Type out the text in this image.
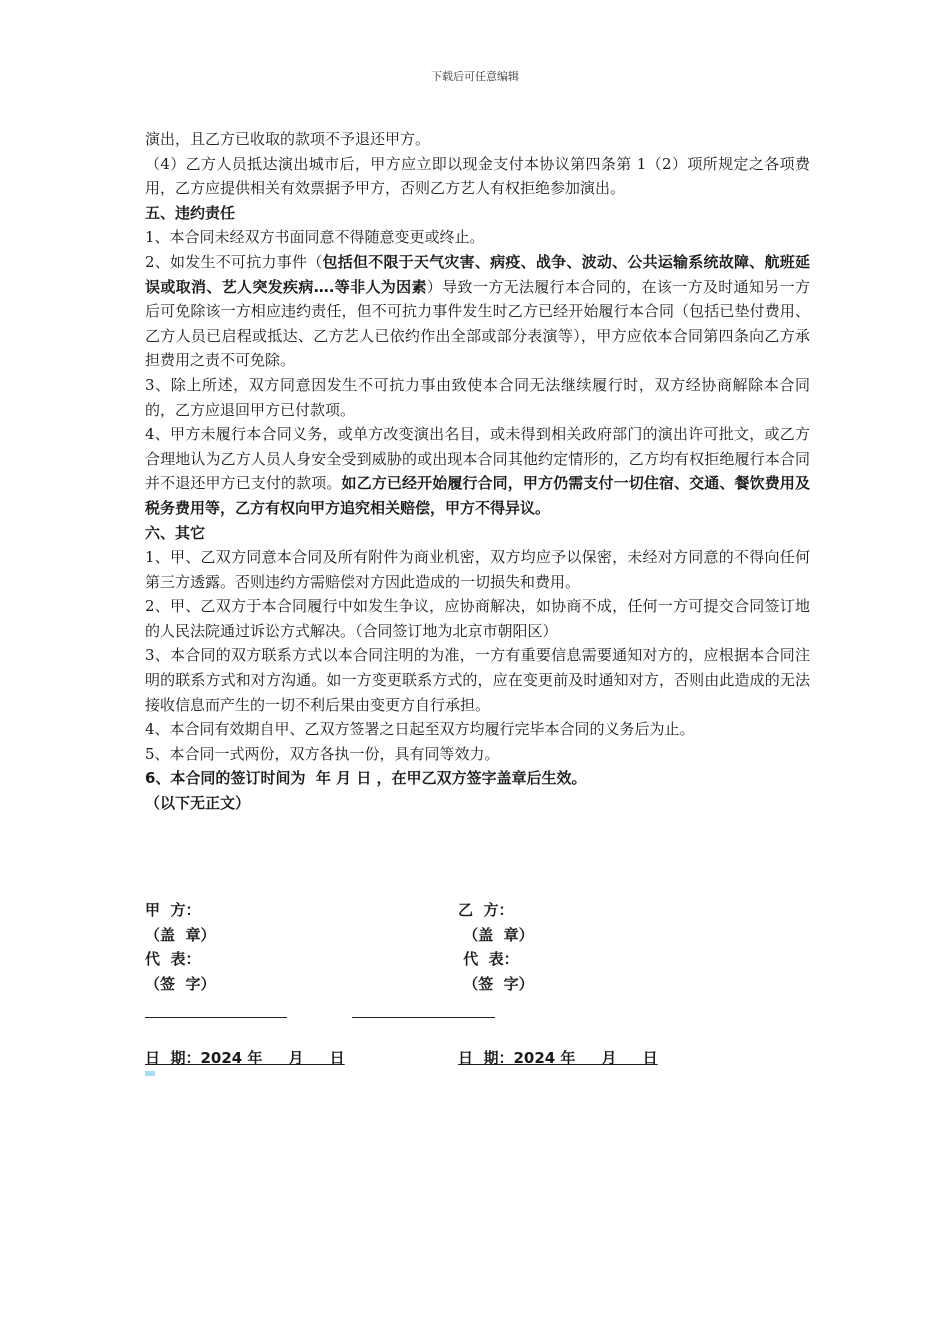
下载后可任意编辑

演出，且乙方已收取的款项不予退还甲方。

（4）乙方人员抵达演出城市后，甲方应立即以现金支付本协议第四条第 1（2）项所规定之各项费用，乙方应提供相关有效票据予甲方，否则乙方艺人有权拒绝参加演出。

五、违约责任

1、本合同未经双方书面同意不得随意变更或终止。

2、如发生不可抗力事件（包括但不限于天气灾害、病疫、战争、波动、公共运输系统故障、航班延误或取消、艺人突发疾病….等非人为因素）导致一方无法履行本合同的，在该一方及时通知另一方后可免除该一方相应违约责任，但不可抗力事件发生时乙方已经开始履行本合同（包括已垫付费用、乙方人员已启程或抵达、乙方艺人已依约作出全部或部分表演等），甲方应依本合同第四条向乙方承担费用之责不可免除。

3、除上所述，双方同意因发生不可抗力事由致使本合同无法继续履行时，双方经协商解除本合同的，乙方应退回甲方已付款项。

4、甲方未履行本合同义务，或单方改变演出名目，或未得到相关政府部门的演出许可批文，或乙方合理地认为乙方人员人身安全受到威胁的或出现本合同其他约定情形的，乙方均有权拒绝履行本合同并不退还甲方已支付的款项。如乙方已经开始履行合同，甲方仍需支付一切住宿、交通、餐饮费用及税务费用等，乙方有权向甲方追究相关赔偿，甲方不得异议。

六、其它

1、甲、乙双方同意本合同及所有附件为商业机密，双方均应予以保密，未经对方同意的不得向任何第三方透露。否则违约方需赔偿对方因此造成的一切损失和费用。

2、甲、乙双方于本合同履行中如发生争议，应协商解决，如协商不成，任何一方可提交合同签订地的人民法院通过诉讼方式解决。（合同签订地为北京市朝阳区）

3、本合同的双方联系方式以本合同注明的为准，一方有重要信息需要通知对方的，应根据本合同注明的联系方式和对方沟通。如一方变更联系方式的，应在变更前及时通知对方，否则由此造成的无法接收信息而产生的一切不利后果由变更方自行承担。

4、本合同有效期自甲、乙双方签署之日起至双方均履行完毕本合同的义务后为止。

5、本合同一式两份，双方各执一份，具有同等效力。

6、本合同的签订时间为  年 月 日 ，在甲乙双方签字盖章后生效。

（以下无正文）

甲  方：
（盖  章）
代  表：
（签  字）
乙  方：
（盖  章）
代  表：
（签  字）
日  期：2024 年     月     日	日  期：2024 年     月     日
